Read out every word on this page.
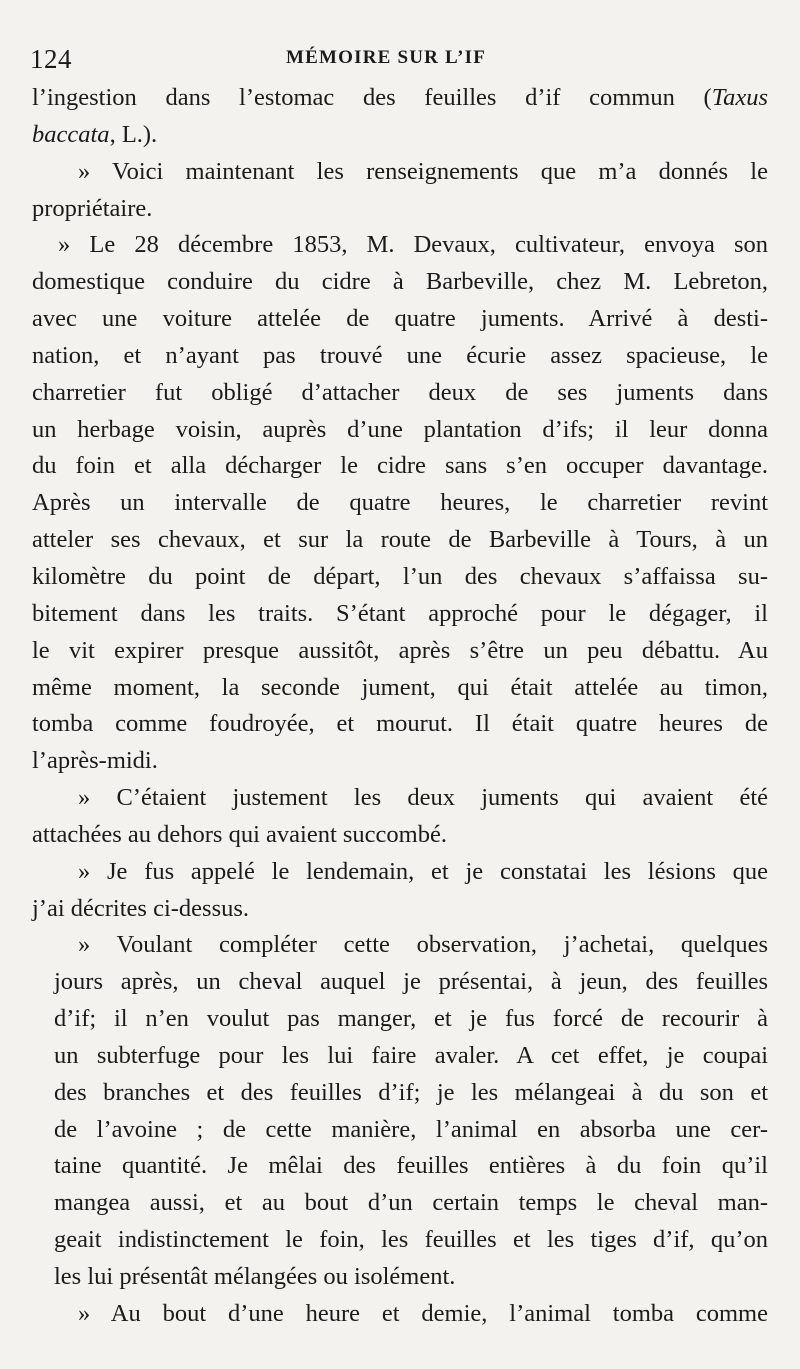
124	MÉMOIRE SUR L’IF
l’ingestion dans l’estomac des feuilles d’if commun (Taxus
baccata, L.).
» Voici maintenant les renseignements que m’a donnés le
propriétaire.
» Le 28 décembre 1853, M. Devaux, cultivateur, envoya son
domestique conduire du cidre à Barbeville, chez M. Lebreton,
avec une voiture attelée de quatre juments. Arrivé à desti-
nation, et n’ayant pas trouvé une écurie assez spacieuse, le
charretier fut obligé d’attacher deux de ses juments dans
un herbage voisin, auprès d’une plantation d’ifs; il leur donna
du foin et alla décharger le cidre sans s’en occuper davantage.
Après un intervalle de quatre heures, le charretier revint
atteler ses chevaux, et sur la route de Barbeville à Tours, à un
kilomètre du point de départ, l’un des chevaux s’affaissa su-
bitement dans les traits. S’étant approché pour le dégager, il
le vit expirer presque aussitôt, après s’être un peu débattu. Au
même moment, la seconde jument, qui était attelée au timon,
tomba comme foudroyée, et mourut. Il était quatre heures de
l’après-midi.
» C’étaient justement les deux juments qui avaient été
attachées au dehors qui avaient succombé.
» Je fus appelé le lendemain, et je constatai les lésions que
j’ai décrites ci-dessus.
» Voulant compléter cette observation, j’achetai, quelques
jours après, un cheval auquel je présentai, à jeun, des feuilles
d’if; il n’en voulut pas manger, et je fus forcé de recourir à
un subterfuge pour les lui faire avaler. A cet effet, je coupai
des branches et des feuilles d’if; je les mélangeai à du son et
de l’avoine ; de cette manière, l’animal en absorba une cer-
taine quantité. Je mêlai des feuilles entières à du foin qu’il
mangea aussi, et au bout d’un certain temps le cheval man-
geait indistinctement le foin, les feuilles et les tiges d’if, qu’on
les lui présentât mélangées ou isolément.
» Au bout d’une heure et demie, l’animal tomba comme
